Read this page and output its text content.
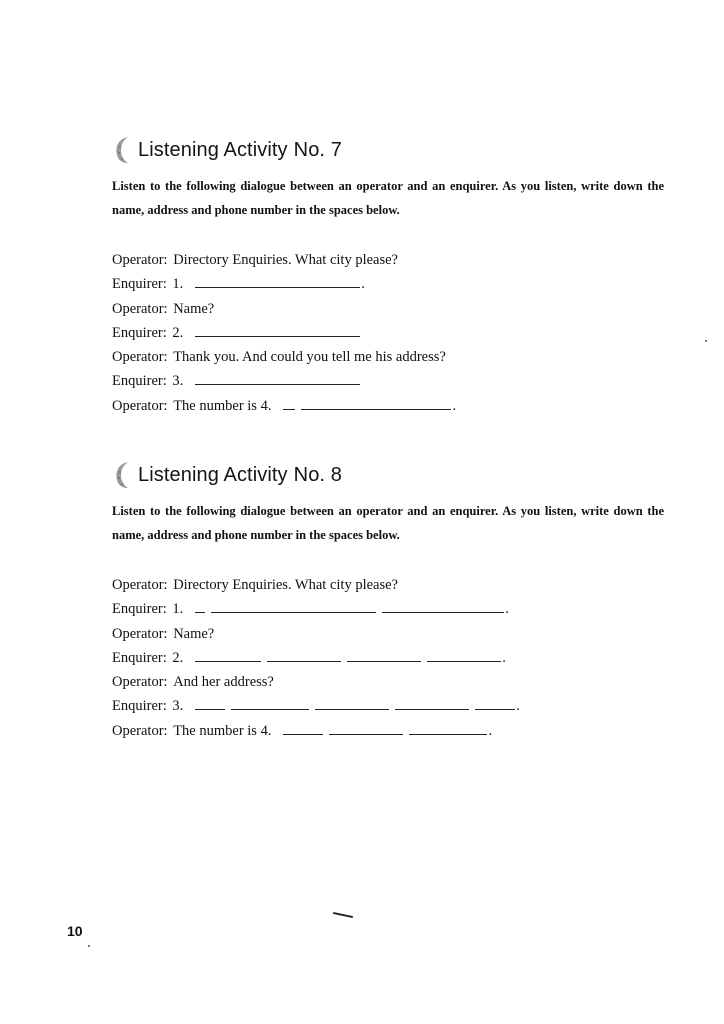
Listening Activity No. 7
Listen to the following dialogue between an operator and an enquirer. As you listen, write down the name, address and phone number in the spaces below.
Operator : Directory Enquiries. What city please?
Enquirer : 1.	.
Operator : Name?
Enquirer : 2.
Operator : Thank you. And could you tell me his address?
Enquirer : 3.
Operator : The number is 4.	.
Listening Activity No. 8
Listen to the following dialogue between an operator and an enquirer. As you listen, write down the name, address and phone number in the spaces below.
Operator : Directory Enquiries. What city please?
Enquirer : 1.	.
Operator : Name?
Enquirer : 2.	.
Operator : And her address?
Enquirer : 3.	.
Operator : The number is 4.	.
10
